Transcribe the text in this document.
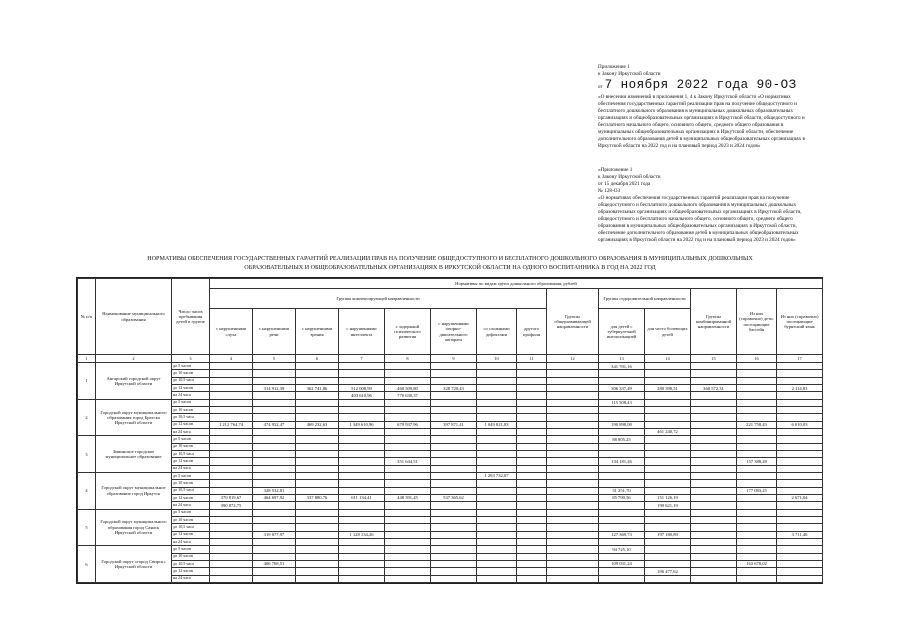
Приложение 1
к Закону Иркутской области
от 7 ноября 2022 года 90-ОЗ

«О внесении изменений в приложения 1, 4 к Закону Иркутской области «О нормативах обеспечения государственных гарантий реализации прав на получение общедоступного и бесплатного дошкольного образования в муниципальных дошкольных образовательных организациях и общеобразовательных организациях в Иркутской области, общедоступного и бесплатного начального общего, основного общего, среднего общего образования в муниципальных общеобразовательных организациях в Иркутской области, обеспечение дополнительного образования детей в муниципальных общеобразовательных организациях в Иркутской области на 2022 год и на плановый период 2023 и 2024 годов»

«Приложение 1
к Закону Иркутской области
от 15 декабря 2021 года
№ 128-ОЗ

«О нормативах обеспечения государственных гарантий реализации прав на получение общедоступного и бесплатного дошкольного образования в муниципальных дошкольных образовательных организациях и общеобразовательных организациях в Иркутской области, общедоступного и бесплатного начального общего, основного общего, среднего общего образования в муниципальных общеобразовательных организациях в Иркутской области, обеспечение дополнительного образования детей в муниципальных общеобразовательных организациях в Иркутской области на 2022 год и на плановый период 2023 и 2024 годов»

НОРМАТИВЫ ОБЕСПЕЧЕНИЯ ГОСУДАРСТВЕННЫХ ГАРАНТИЙ РЕАЛИЗАЦИИ ПРАВ НА ПОЛУЧЕНИЕ ОБЩЕДОСТУПНОГО И БЕСПЛАТНОГО ДОШКОЛЬНОГО ОБРАЗОВАНИЯ В МУНИЦИПАЛЬНЫХ ДОШКОЛЬНЫХ
ОБРАЗОВАТЕЛЬНЫХ И ОБЩЕОБРАЗОВАТЕЛЬНЫХ ОРГАНИЗАЦИЯХ В ИРКУТСКОЙ ОБЛАСТИ НА ОДНОГО ВОСПИТАННИКА В ГОД НА 2022 ГОД
№ п/п	Наименование муниципального образования	Число часов пребывания детей в группе	Нормативы по видам групп дошкольного образования, рублей														
			Группы компенсирующей направленности								Группы общеразвивающей направленности	Группы оздоровительной направленности		Группы комбинированной направленности	Из них (справочно) дети, посещающие бассейн	Из них (справочно) посещающие бурятский язык	
			с нарушениями слуха	с нарушениями речи	с нарушениями зрения	с нарушениями интеллекта	с задержкой психического развития	с нарушениями опорно-двигательного аппарата	со сложными дефектами	другого профиля		для детей с туберкулезной интоксикацией	для часто болеющих детей				
1	2	3	4	5	6	7	8	9	10	11	12	13	14	15	16	17	
1	Ангарский городской округ Иркутской области	до 5 часов										341 701,16					
		до 10 часов															
		до 10,5 часа															
		до 12 часов		314 912,39	362 741,86	512 008,99	460 509,80	328 720,43				306 337,49	280 398,51	360 572,31		2 114,83	
		на 24 часа				403 610,96	770 630,37										
2	Городской округ муниципального образования город Братска Иркутской области	до 5 часов										115 508,43					
		до 10 часов															
		до 10,5 часа															
		до 12 часов	1 212 764,74	474 952,47	469 232,63	1 349 610,96	679 937,96	397 871,41	1 049 821,83			190 898,08			221 758,43	6 010,03	
		на 24 часа											461 240,72				
3	Зиминское городское муниципальное образование	до 5 часов										88 805,25					
		до 10 часов															
		до 10,5 часа															
		до 12 часов					351 644,51					134 181,26			157 388,28		
		на 24 часа															
4	Городской округ муниципальное образование город Иркутск	до 5 часов							1 293 732,07								
		до 10 часов															
		до 10,5 часа		328 532,81								31 251,70			177 083,25		
		до 12 часов	370 819,67	464 697,92	337 880,76	611 134,41	448 391,45	537 365,62				85 790,56	151 126,19			2 671,04	
		на 24 часа	390 872,75										190 621,19				
5	Городской округ муниципального образования город Саянск Иркутской области	до 5 часов															
		до 10 часов															
		до 10,5 часа															
		до 12 часов		319 077,97		1 128 134,26						127 369,73	197 180,89			3 711,46	
		на 24 часа															
6	Городской округ «город Свирск» Иркутской области	до 5 часов										94 725,10					
		до 10 часов															
		до 10,5 часа		406 768,51								109 031,24			163 678,02		
		до 12 часов											196 477,62				
		на 24 часа															
